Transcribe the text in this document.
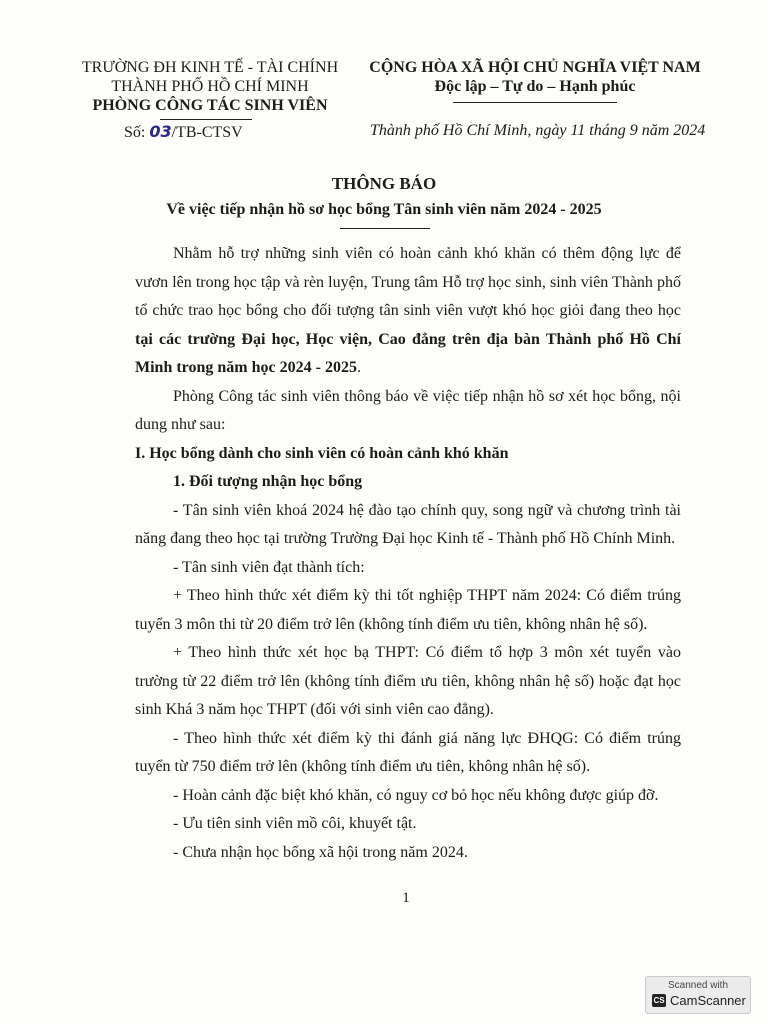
TRƯỜNG ĐH KINH TẾ - TÀI CHÍNH
THÀNH PHỐ HỒ CHÍ MINH
PHÒNG CÔNG TÁC SINH VIÊN
CỘNG HÒA XÃ HỘI CHỦ NGHĨA VIỆT NAM
Độc lập – Tự do – Hạnh phúc
Số: 03/TB-CTSV	Thành phố Hồ Chí Minh, ngày 11 tháng 9 năm 2024
THÔNG BÁO
Về việc tiếp nhận hồ sơ học bổng Tân sinh viên năm 2024 - 2025

Nhằm hỗ trợ những sinh viên có hoàn cảnh khó khăn có thêm động lực để vươn lên trong học tập và rèn luyện, Trung tâm Hỗ trợ học sinh, sinh viên Thành phố tổ chức trao học bổng cho đối tượng tân sinh viên vượt khó học giỏi đang theo học tại các trường Đại học, Học viện, Cao đẳng trên địa bàn Thành phố Hồ Chí Minh trong năm học 2024 - 2025.

Phòng Công tác sinh viên thông báo về việc tiếp nhận hồ sơ xét học bổng, nội dung như sau:

I. Học bổng dành cho sinh viên có hoàn cảnh khó khăn

1. Đối tượng nhận học bổng

- Tân sinh viên khoá 2024 hệ đào tạo chính quy, song ngữ và chương trình tài năng đang theo học tại trường Trường Đại học Kinh tế - Thành phố Hồ Chính Minh.

- Tân sinh viên đạt thành tích:

+ Theo hình thức xét điểm kỳ thi tốt nghiệp THPT năm 2024: Có điểm trúng tuyển 3 môn thi từ 20 điểm trở lên (không tính điểm ưu tiên, không nhân hệ số).

+ Theo hình thức xét học bạ THPT: Có điểm tổ hợp 3 môn xét tuyển vào trường từ 22 điểm trở lên (không tính điểm ưu tiên, không nhân hệ số) hoặc đạt học sinh Khá 3 năm học THPT (đối với sinh viên cao đẳng).

- Theo hình thức xét điểm kỳ thi đánh giá năng lực ĐHQG: Có điểm trúng tuyển từ 750 điểm trở lên (không tính điểm ưu tiên, không nhân hệ số).

- Hoàn cảnh đặc biệt khó khăn, có nguy cơ bỏ học nếu không được giúp đỡ.

- Ưu tiên sinh viên mồ côi, khuyết tật.

- Chưa nhận học bổng xã hội trong năm 2024.

1
Scanned with
CS CamScanner
